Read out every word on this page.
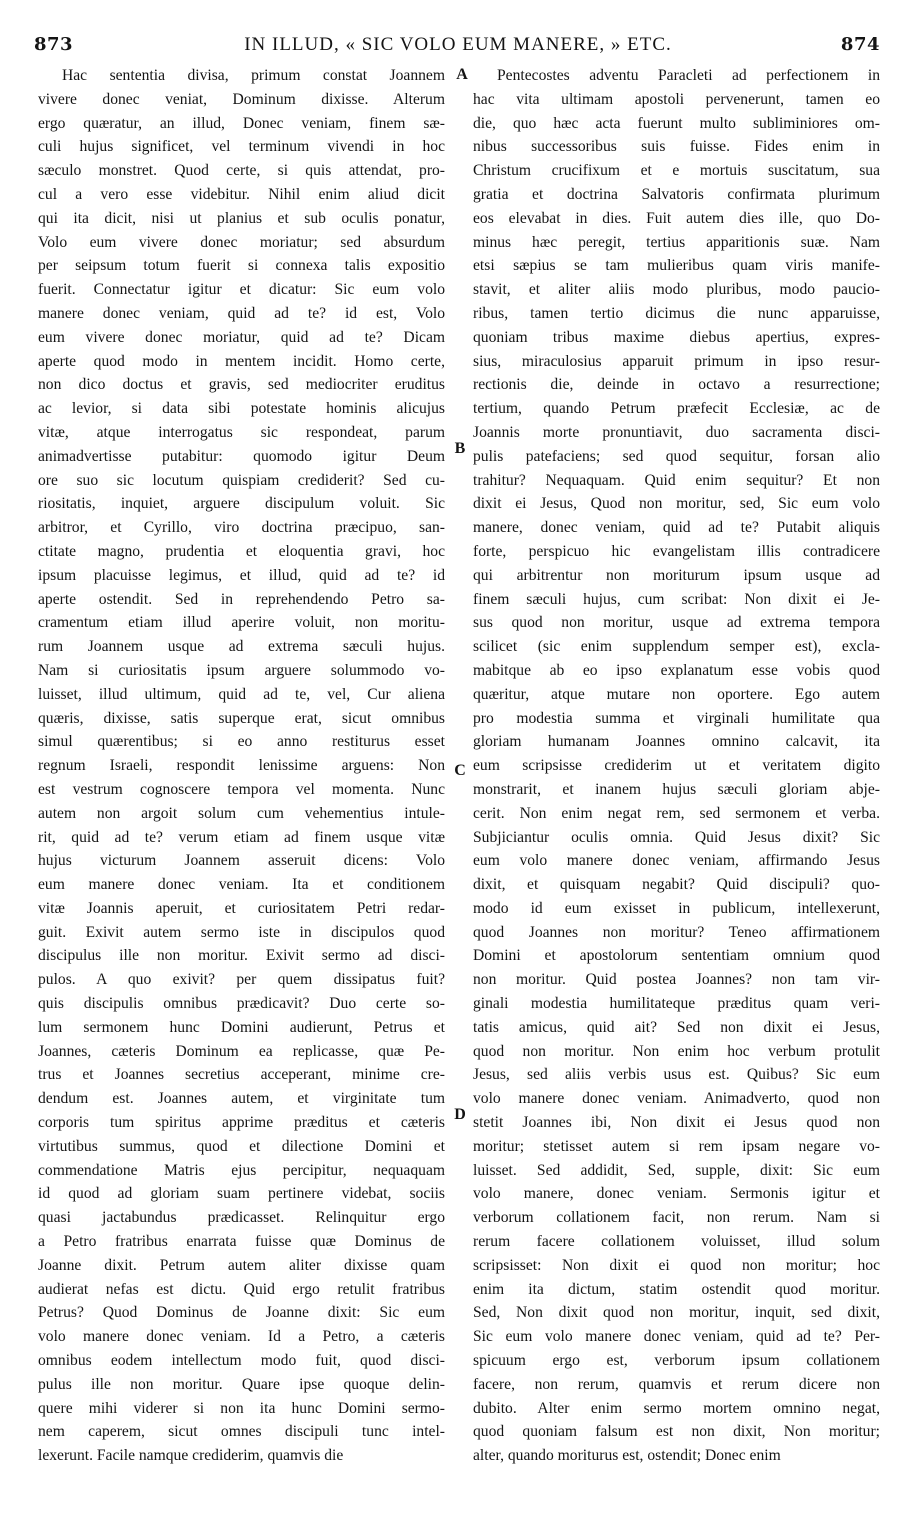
873	IN ILLUD, « SIC VOLO EUM MANERE, » ETC.	874
Hac sententia divisa, primum constat Joannem
vivere donec veniat, Dominum dixisse. Alterum
ergo quæratur, an illud, Donec veniam, finem sæ-
culi hujus significet, vel terminum vivendi in hoc
sæculo monstret. Quod certe, si quis attendat, pro-
cul a vero esse videbitur. Nihil enim aliud dicit
qui ita dicit, nisi ut planius et sub oculis ponatur,
Volo eum vivere donec moriatur; sed absurdum
per seipsum totum fuerit si connexa talis expositio
fuerit. Connectatur igitur et dicatur: Sic eum volo
manere donec veniam, quid ad te? id est, Volo
eum vivere donec moriatur, quid ad te? Dicam
aperte quod modo in mentem incidit. Homo certe,
non dico doctus et gravis, sed mediocriter eruditus
ac levior, si data sibi potestate hominis alicujus
vitæ, atque interrogatus sic respondeat, parum
animadvertisse putabitur: quomodo igitur Deum
ore suo sic locutum quispiam crediderit? Sed cu-
riositatis, inquiet, arguere discipulum voluit. Sic
arbitror, et Cyrillo, viro doctrina præcipuo, san-
ctitate magno, prudentia et eloquentia gravi, hoc
ipsum placuisse legimus, et illud, quid ad te? id
aperte ostendit. Sed in reprehendendo Petro sa-
cramentum etiam illud aperire voluit, non moritu-
rum Joannem usque ad extrema sæculi hujus.
Nam si curiositatis ipsum arguere solummodo vo-
luisset, illud ultimum, quid ad te, vel, Cur aliena
quæris, dixisse, satis superque erat, sicut omnibus
simul quærentibus; si eo anno restiturus esset
regnum Israeli, respondit lenissime arguens: Non
est vestrum cognoscere tempora vel momenta. Nunc
autem non argoit solum cum vehementius intule-
rit, quid ad te? verum etiam ad finem usque vitæ
hujus victurum Joannem asseruit dicens: Volo
eum manere donec veniam. Ita et conditionem
vitæ Joannis aperuit, et curiositatem Petri redar-
guit. Exivit autem sermo iste in discipulos quod
discipulus ille non moritur. Exivit sermo ad disci-
pulos. A quo exivit? per quem dissipatus fuit?
quis discipulis omnibus prædicavit? Duo certe so-
lum sermonem hunc Domini audierunt, Petrus et
Joannes, cæteris Dominum ea replicasse, quæ Pe-
trus et Joannes secretius acceperant, minime cre-
dendum est. Joannes autem, et virginitate tum
corporis tum spiritus apprime præditus et cæteris
virtutibus summus, quod et dilectione Domini et
commendatione Matris ejus percipitur, nequaquam
id quod ad gloriam suam pertinere videbat, sociis
quasi jactabundus prædicasset. Relinquitur ergo
a Petro fratribus enarrata fuisse quæ Dominus de
Joanne dixit. Petrum autem aliter dixisse quam
audierat nefas est dictu. Quid ergo retulit fratribus
Petrus? Quod Dominus de Joanne dixit: Sic eum
volo manere donec veniam. Id a Petro, a cæteris
omnibus eodem intellectum modo fuit, quod disci-
pulus ille non moritur. Quare ipse quoque delin-
quere mihi viderer si non ita hunc Domini sermo-
nem caperem, sicut omnes discipuli tunc intel-
lexerunt. Facile namque crediderim, quamvis die
Pentecostes adventu Paracleti ad perfectionem in
hac vita ultimam apostoli pervenerunt, tamen eo
die, quo hæc acta fuerunt multo subliminiores om-
nibus successoribus suis fuisse. Fides enim in
Christum crucifixum et e mortuis suscitatum, sua
gratia et doctrina Salvatoris confirmata plurimum
eos elevabat in dies. Fuit autem dies ille, quo Do-
minus hæc peregit, tertius apparitionis suæ. Nam
etsi sæpius se tam mulieribus quam viris manife-
stavit, et aliter aliis modo pluribus, modo paucio-
ribus, tamen tertio dicimus die nunc apparuisse,
quoniam tribus maxime diebus apertius, expres-
sius, miraculosius apparuit primum in ipso resur-
rectionis die, deinde in octavo a resurrectione;
tertium, quando Petrum præfecit Ecclesiæ, ac de
Joannis morte pronuntiavit, duo sacramenta disci-
pulis patefaciens; sed quod sequitur, forsan alio
trahitur? Nequaquam. Quid enim sequitur? Et non
dixit ei Jesus, Quod non moritur, sed, Sic eum volo
manere, donec veniam, quid ad te? Putabit aliquis
forte, perspicuo hic evangelistam illis contradicere
qui arbitrentur non moriturum ipsum usque ad
finem sæculi hujus, cum scribat: Non dixit ei Je-
sus quod non moritur, usque ad extrema tempora
scilicet (sic enim supplendum semper est), excla-
mabitque ab eo ipso explanatum esse vobis quod
quæritur, atque mutare non oportere. Ego autem
pro modestia summa et virginali humilitate qua
gloriam humanam Joannes omnino calcavit, ita
eum scripsisse crediderim ut et veritatem digito
monstrarit, et inanem hujus sæculi gloriam abje-
cerit. Non enim negat rem, sed sermonem et verba.
Subjiciantur oculis omnia. Quid Jesus dixit? Sic
eum volo manere donec veniam, affirmando Jesus
dixit, et quisquam negabit? Quid discipuli? quo-
modo id eum exisset in publicum, intellexerunt,
quod Joannes non moritur? Teneo affirmationem
Domini et apostolorum sententiam omnium quod
non moritur. Quid postea Joannes? non tam vir-
ginali modestia humilitateque præditus quam veri-
tatis amicus, quid ait? Sed non dixit ei Jesus,
quod non moritur. Non enim hoc verbum protulit
Jesus, sed aliis verbis usus est. Quibus? Sic eum
volo manere donec veniam. Animadverto, quod non
stetit Joannes ibi, Non dixit ei Jesus quod non
moritur; stetisset autem si rem ipsam negare vo-
luisset. Sed addidit, Sed, supple, dixit: Sic eum
volo manere, donec veniam. Sermonis igitur et
verborum collationem facit, non rerum. Nam si
rerum facere collationem voluisset, illud solum
scripsisset: Non dixit ei quod non moritur; hoc
enim ita dictum, statim ostendit quod moritur.
Sed, Non dixit quod non moritur, inquit, sed dixit,
Sic eum volo manere donec veniam, quid ad te? Per-
spicuum ergo est, verborum ipsum collationem
facere, non rerum, quamvis et rerum dicere non
dubito. Alter enim sermo mortem omnino negat,
quod quoniam falsum est non dixit, Non moritur;
alter, quando moriturus est, ostendit; Donec enim
A
B
C
D
